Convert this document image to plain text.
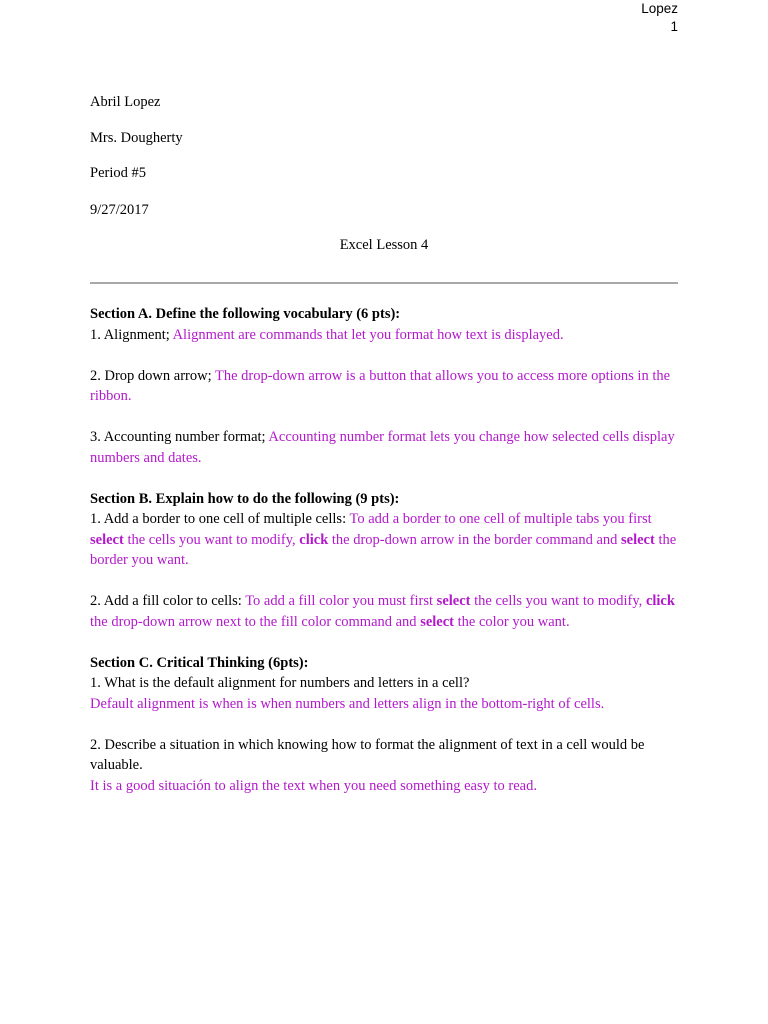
Lopez
1
Abril Lopez
Mrs. Dougherty
Period #5
9/27/2017
Excel Lesson 4

Section A. Define the following vocabulary (6 pts):

1. Alignment; Alignment are commands that let you format how text is displayed.

2. Drop down arrow; The drop-down arrow is a button that allows you to access more options in the ribbon.

3. Accounting number format; Accounting number format lets you change how selected cells display numbers and dates.

Section B. Explain how to do the following (9 pts):

1. Add a border to one cell of multiple cells: To add a border to one cell of multiple tabs you first select the cells you want to modify, click the drop-down arrow in the border command and select the border you want.

2. Add a fill color to cells: To add a fill color you must first select the cells you want to modify, click the drop-down arrow next to the fill color command and select the color you want.

Section C. Critical Thinking (6pts):

1. What is the default alignment for numbers and letters in a cell?

Default alignment is when is when numbers and letters align in the bottom-right of cells.

2. Describe a situation in which knowing how to format the alignment of text in a cell would be valuable.

It is a good situación to align the text when you need something easy to read.
